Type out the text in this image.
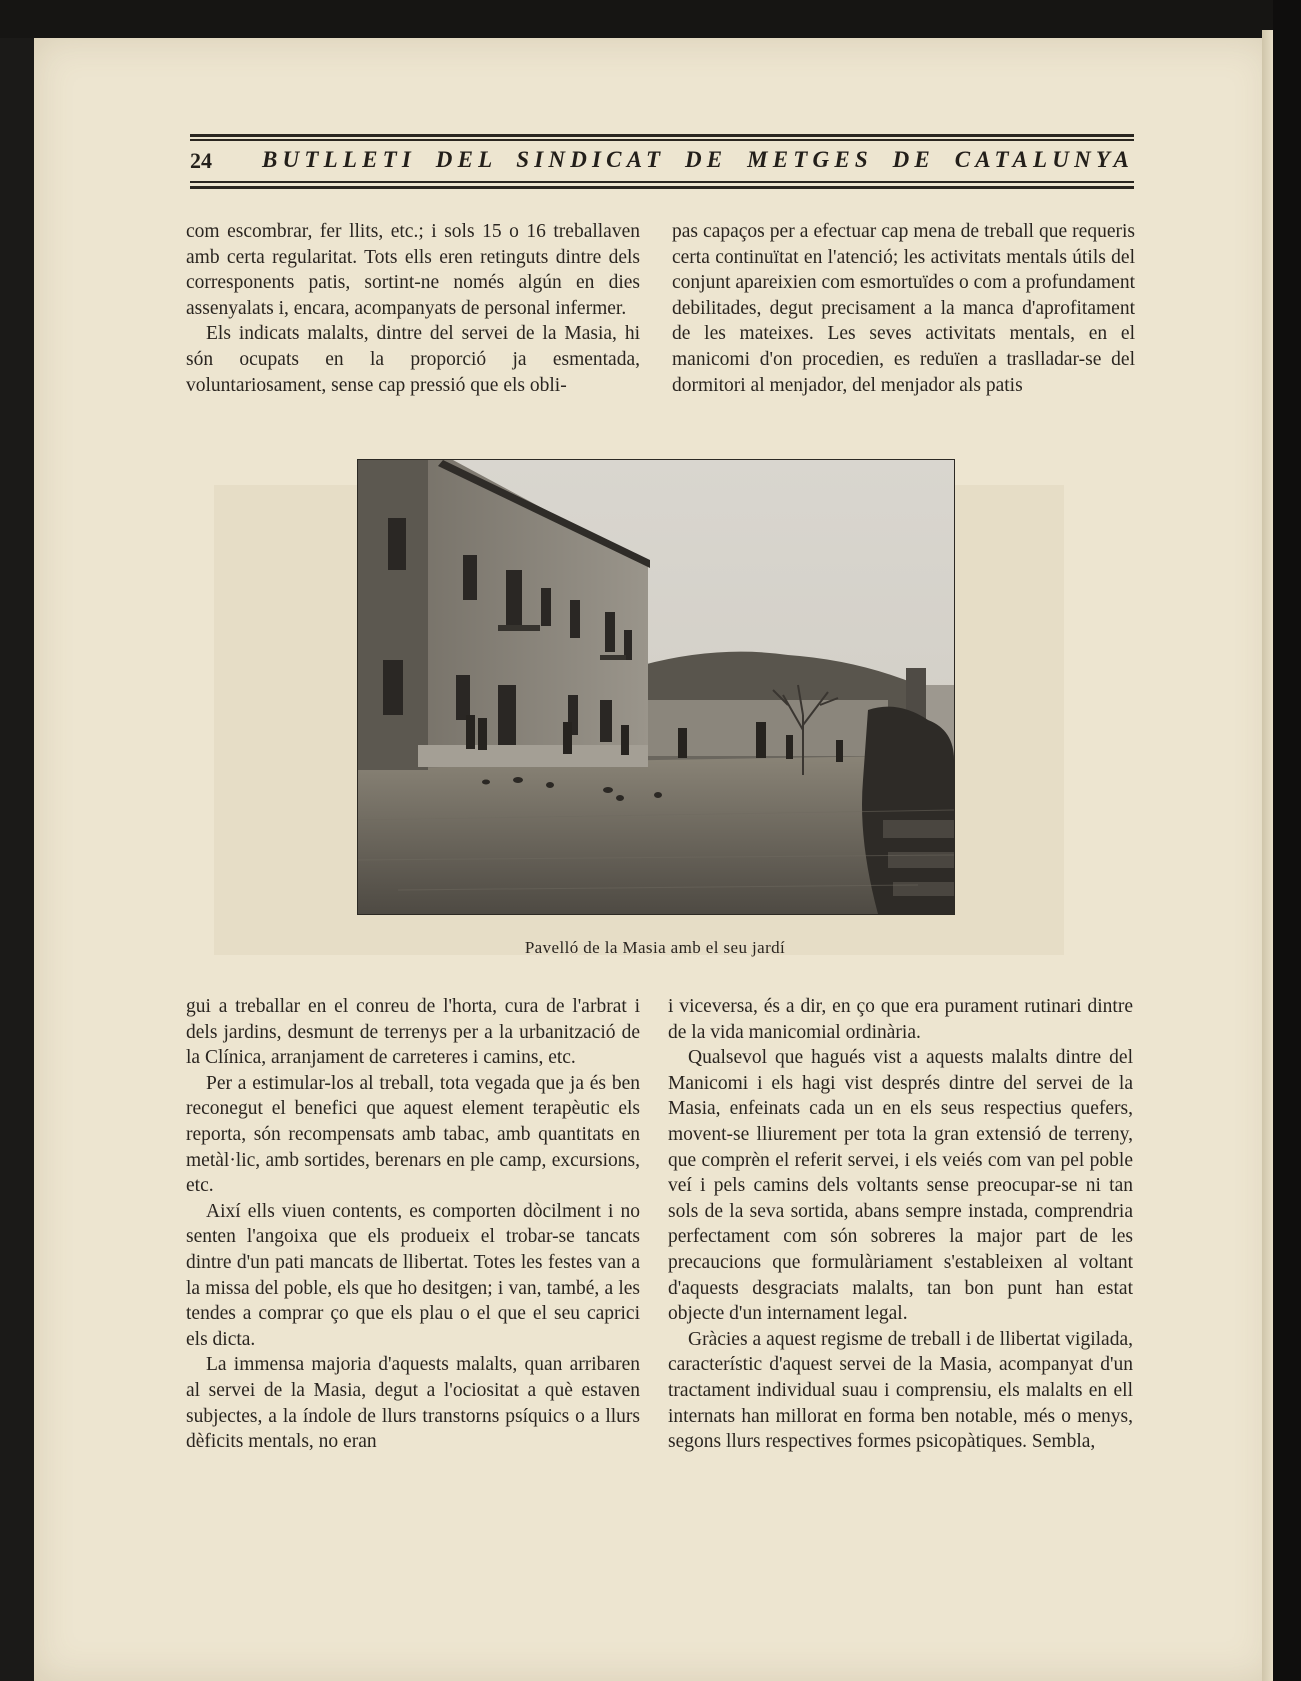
24 BUTLLETI DEL SINDICAT DE METGES DE CATALUNYA

com escombrar, fer llits, etc.; i sols 15 o 16 treballaven amb certa regularitat. Tots ells eren retinguts dintre dels corresponents patis, sortint-ne només algún en dies assenyalats i, encara, acompanyats de personal infermer.

Els indicats malalts, dintre del servei de la Masia, hi són ocupats en la proporció ja esmentada, voluntariosament, sense cap pressió que els obli-

pas capaços per a efectuar cap mena de treball que requeris certa continuïtat en l'atenció; les activitats mentals útils del conjunt apareixien com esmortuïdes o com a profundament debilitades, degut precisament a la manca d'aprofitament de les mateixes. Les seves activitats mentals, en el manicomi d'on procedien, es reduïen a traslladar-se del dormitori al menjador, del menjador als patis

Pavelló de la Masia amb el seu jardí

gui a treballar en el conreu de l'horta, cura de l'arbrat i dels jardins, desmunt de terrenys per a la urbanització de la Clínica, arranjament de carreteres i camins, etc.

Per a estimular-los al treball, tota vegada que ja és ben reconegut el benefici que aquest element terapèutic els reporta, són recompensats amb tabac, amb quantitats en metàl·lic, amb sortides, berenars en ple camp, excursions, etc.

Així ells viuen contents, es comporten dòcilment i no senten l'angoixa que els produeix el trobar-se tancats dintre d'un pati mancats de llibertat. Totes les festes van a la missa del poble, els que ho desitgen; i van, també, a les tendes a comprar ço que els plau o el que el seu caprici els dicta.

La immensa majoria d'aquests malalts, quan arribaren al servei de la Masia, degut a l'ociositat a què estaven subjectes, a la índole de llurs transtorns psíquics o a llurs dèficits mentals, no eran

i viceversa, és a dir, en ço que era purament rutinari dintre de la vida manicomial ordinària.

Qualsevol que hagués vist a aquests malalts dintre del Manicomi i els hagi vist després dintre del servei de la Masia, enfeinats cada un en els seus respectius quefers, movent-se lliurement per tota la gran extensió de terreny, que comprèn el referit servei, i els veiés com van pel poble veí i pels camins dels voltants sense preocupar-se ni tan sols de la seva sortida, abans sempre instada, comprendria perfectament com són sobreres la major part de les precaucions que formulàriament s'estableixen al voltant d'aquests desgraciats malalts, tan bon punt han estat objecte d'un internament legal.

Gràcies a aquest regisme de treball i de llibertat vigilada, característic d'aquest servei de la Masia, acompanyat d'un tractament individual suau i comprensiu, els malalts en ell internats han millorat en forma ben notable, més o menys, segons llurs respectives formes psicopàtiques. Sembla,
